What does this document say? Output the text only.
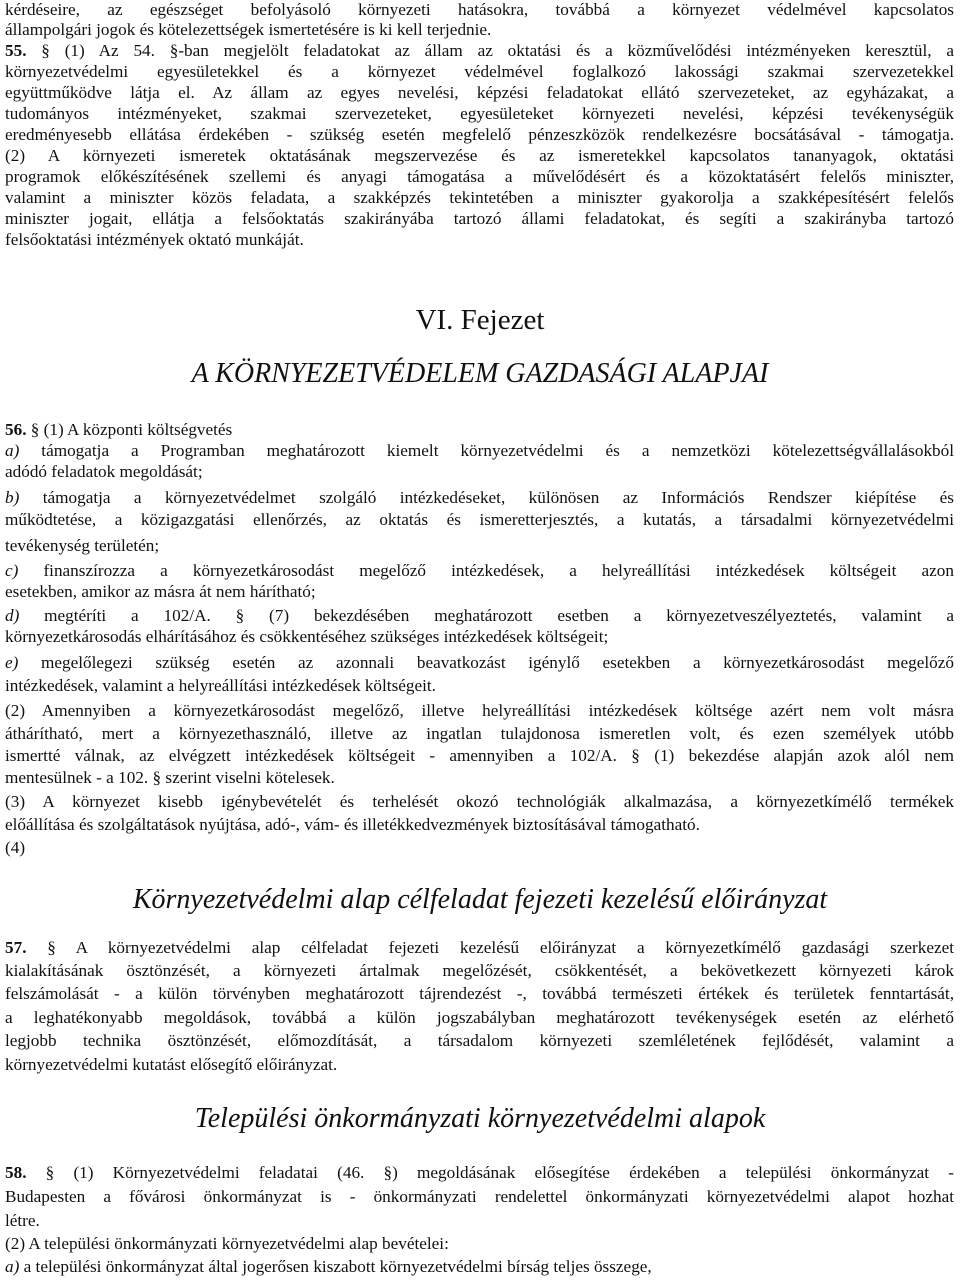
kérdéseire, az egészséget befolyásoló környezeti hatásokra, továbbá a környezet védelmével kapcsolatos
állampolgári jogok és kötelezettségek ismertetésére is ki kell terjednie.
55. § (1) Az 54. §-ban megjelölt feladatokat az állam az oktatási és a közművelődési intézményeken keresztül, a
környezetvédelmi egyesületekkel és a környezet védelmével foglalkozó lakossági szakmai szervezetekkel
együttműködve látja el. Az állam az egyes nevelési, képzési feladatokat ellátó szervezeteket, az egyházakat, a
tudományos intézményeket, szakmai szervezeteket, egyesületeket környezeti nevelési, képzési tevékenységük
eredményesebb ellátása érdekében - szükség esetén megfelelő pénzeszközök rendelkezésre bocsátásával - támogatja.
(2) A környezeti ismeretek oktatásának megszervezése és az ismeretekkel kapcsolatos tananyagok, oktatási
programok előkészítésének szellemi és anyagi támogatása a művelődésért és a közoktatásért felelős miniszter,
valamint a miniszter közös feladata, a szakképzés tekintetében a miniszter gyakorolja a szakképesítésért felelős
miniszter jogait, ellátja a felsőoktatás szakirányába tartozó állami feladatokat, és segíti a szakirányba tartozó
felsőoktatási intézmények oktató munkáját.
VI. Fejezet
A KÖRNYEZETVÉDELEM GAZDASÁGI ALAPJAI
56. § (1) A központi költségvetés
a) támogatja a Programban meghatározott kiemelt környezetvédelmi és a nemzetközi kötelezettségvállalásokból
adódó feladatok megoldását;
b) támogatja a környezetvédelmet szolgáló intézkedéseket, különösen az Információs Rendszer kiépítése és
működtetése, a közigazgatási ellenőrzés, az oktatás és ismeretterjesztés, a kutatás, a társadalmi környezetvédelmi
tevékenység területén;
c) finanszírozza a környezetkárosodást megelőző intézkedések, a helyreállítási intézkedések költségeit azon
esetekben, amikor az másra át nem hárítható;
d) megtéríti a 102/A. § (7) bekezdésében meghatározott esetben a környezetveszélyeztetés, valamint a
környezetkárosodás elhárításához és csökkentéséhez szükséges intézkedések költségeit;
e) megelőlegezi szükség esetén az azonnali beavatkozást igénylő esetekben a környezetkárosodást megelőző
intézkedések, valamint a helyreállítási intézkedések költségeit.
(2) Amennyiben a környezetkárosodást megelőző, illetve helyreállítási intézkedések költsége azért nem volt másra
áthárítható, mert a környezethasználó, illetve az ingatlan tulajdonosa ismeretlen volt, és ezen személyek utóbb
ismertté válnak, az elvégzett intézkedések költségeit - amennyiben a 102/A. § (1) bekezdése alapján azok alól nem
mentesülnek - a 102. § szerint viselni kötelesek.
(3) A környezet kisebb igénybevételét és terhelését okozó technológiák alkalmazása, a környezetkímélő termékek
előállítása és szolgáltatások nyújtása, adó-, vám- és illetékkedvezmények biztosításával támogatható.
(4)
Környezetvédelmi alap célfeladat fejezeti kezelésű előirányzat
57. § A környezetvédelmi alap célfeladat fejezeti kezelésű előirányzat a környezetkímélő gazdasági szerkezet
kialakításának ösztönzését, a környezeti ártalmak megelőzését, csökkentését, a bekövetkezett környezeti károk
felszámolását - a külön törvényben meghatározott tájrendezést -, továbbá természeti értékek és területek fenntartását,
a leghatékonyabb megoldások, továbbá a külön jogszabályban meghatározott tevékenységek esetén az elérhető
legjobb technika ösztönzését, előmozdítását, a társadalom környezeti szemléletének fejlődését, valamint a
környezetvédelmi kutatást elősegítő előirányzat.
Települési önkormányzati környezetvédelmi alapok
58. § (1) Környezetvédelmi feladatai (46. §) megoldásának elősegítése érdekében a települési önkormányzat -
Budapesten a fővárosi önkormányzat is - önkormányzati rendelettel önkormányzati környezetvédelmi alapot hozhat
létre.
(2) A települési önkormányzati környezetvédelmi alap bevételei:
a) a települési önkormányzat által jogerősen kiszabott környezetvédelmi bírság teljes összege,
